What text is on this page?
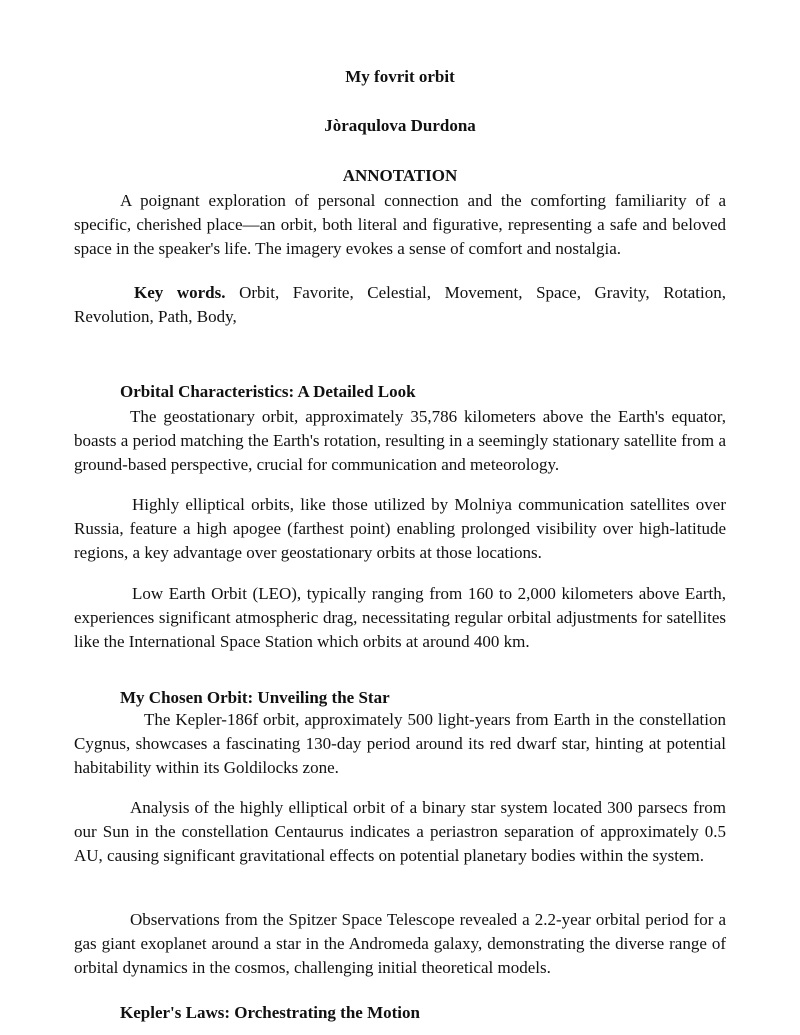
My fovrit orbit

Jòraqulova Durdona

ANNOTATION

A poignant exploration of personal connection and the comforting familiarity of a specific, cherished place—an orbit, both literal and figurative, representing a safe and beloved space in the speaker's life. The imagery evokes a sense of comfort and nostalgia.

Key words. Orbit, Favorite, Celestial, Movement, Space, Gravity, Rotation, Revolution, Path, Body,

Orbital Characteristics: A Detailed Look

The geostationary orbit, approximately 35,786 kilometers above the Earth's equator, boasts a period matching the Earth's rotation, resulting in a seemingly stationary satellite from a ground-based perspective, crucial for communication and meteorology.

Highly elliptical orbits, like those utilized by Molniya communication satellites over Russia, feature a high apogee (farthest point) enabling prolonged visibility over high-latitude regions, a key advantage over geostationary orbits at those locations.

Low Earth Orbit (LEO), typically ranging from 160 to 2,000 kilometers above Earth, experiences significant atmospheric drag, necessitating regular orbital adjustments for satellites like the International Space Station which orbits at around 400 km.

My Chosen Orbit: Unveiling the Star

The Kepler-186f orbit, approximately 500 light-years from Earth in the constellation Cygnus, showcases a fascinating 130-day period around its red dwarf star, hinting at potential habitability within its Goldilocks zone.

Analysis of the highly elliptical orbit of a binary star system located 300 parsecs from our Sun in the constellation Centaurus indicates a periastron separation of approximately 0.5 AU, causing significant gravitational effects on potential planetary bodies within the system.

Observations from the Spitzer Space Telescope revealed a 2.2-year orbital period for a gas giant exoplanet around a star in the Andromeda galaxy, demonstrating the diverse range of orbital dynamics in the cosmos, challenging initial theoretical models.

Kepler's Laws: Orchestrating the Motion
